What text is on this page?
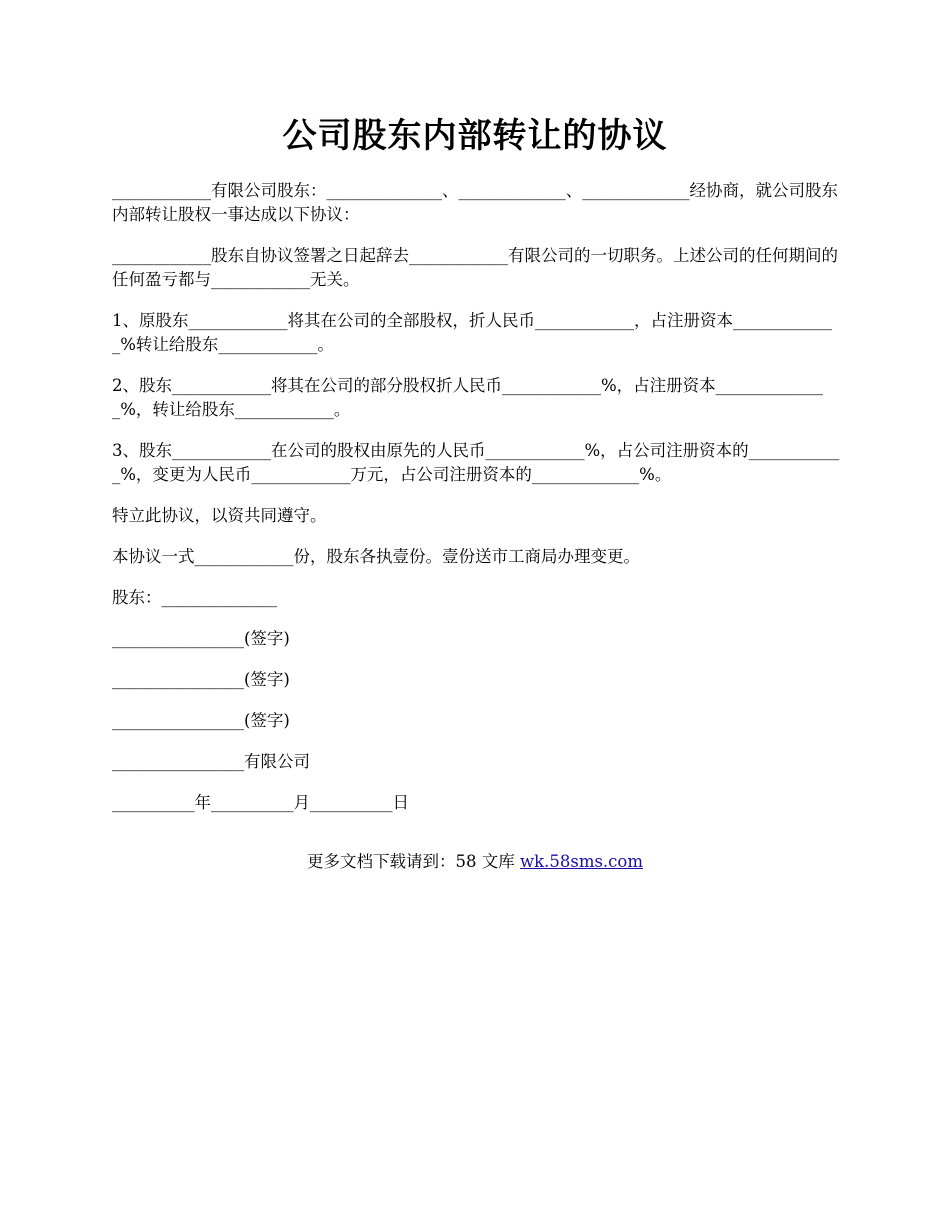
公司股东内部转让的协议

____________有限公司股东：______________、_____________、_____________经协商，就公司股东内部转让股权一事达成以下协议：

____________股东自协议签署之日起辞去____________有限公司的一切职务。上述公司的任何期间的任何盈亏都与____________无关。

1、原股东____________将其在公司的全部股权，折人民币____________，占注册资本_____________%转让给股东____________。

2、股东____________将其在公司的部分股权折人民币____________%，占注册资本______________%，转让给股东____________。

3、股东____________在公司的股权由原先的人民币____________%，占公司注册资本的____________%，变更为人民币____________万元，占公司注册资本的_____________%。

特立此协议，以资共同遵守。

本协议一式____________份，股东各执壹份。壹份送市工商局办理变更。

股东：______________

________________(签字)

________________(签字)

________________(签字)

________________有限公司

__________年__________月__________日

更多文档下载请到：58 文库 wk.58sms.com
